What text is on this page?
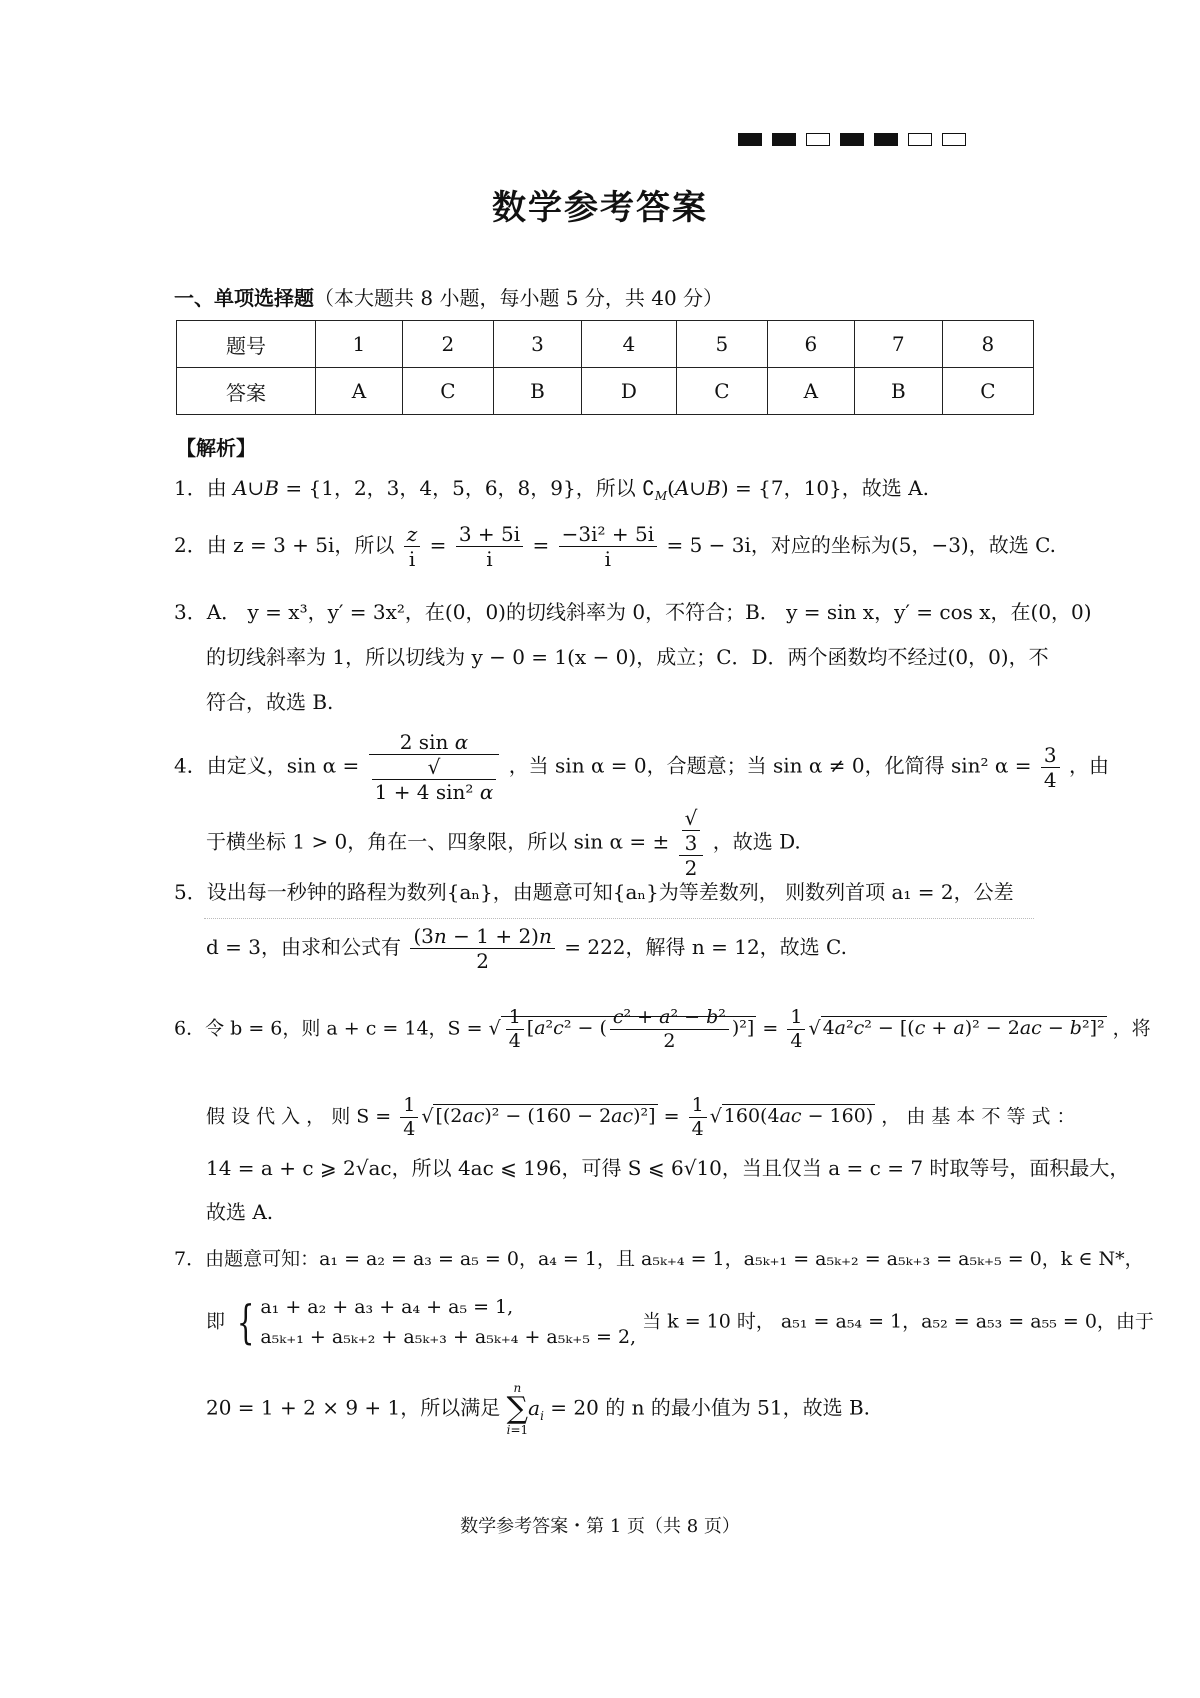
数学参考答案
一、单项选择题（本大题共 8 小题，每小题 5 分，共 40 分）
题号	1	2	3	4	5	6	7	8
答案	A	C	B	D	C	A	B	C
【解析】
1．由 A∪B = {1，2，3，4，5，6，8，9}，所以 $∁_M(A\cup B) = \{7$，10}，故选 A.
2．由 z = 3 + 5i，所以 $\frac{z}{i} = \frac{3 + 5i}{i} = \frac{\text{−3i² + 5i}}{i} = 5 - 3i$，对应的坐标为(5，−3)，故选 C.
3．A． y = x³，y′ = 3x²，在(0，0)的切线斜率为 0，不符合；B． y = sin x，y′ = cos x，在(0，0)
的切线斜率为 1，所以切线为 y − 0 = 1(x − 0)，成立；C．D．两个函数均不经过(0，0)，不
符合，故选 B.
4．由定义，sin α = 2 sin α
√
1 + 4 sin² α ，当 sin α = 0，合题意；当 sin α ≠ 0，化简得 sin² $\alpha = \frac{3}{4}$ ，由
于横坐标 1 > 0，角在一、四象限，所以 sin α = ± √
3
2 ，故选 D.
5．设出每一秒钟的路程为数列{aₙ}，由题意可知{aₙ}为等差数列， 则数列首项 a₁ = 2，公差
d = 3，由求和公式有 $\frac{(3n - 1 + 2)n}{2} = 222$，解得 n = 12，故选 C.
6．令 b = 6，则 a + c = 14，S = √ $\frac{1}{4} [a^2c^2$ − ( $\frac{\text{c² + a² − b²}}{2} )^2] = \frac{1}{4}$ √ 4a²c² − [(c + a)² − 2ac − b²]² ，将
假 设 代 入 ， 则 $S = \frac{1}{4}$ √ $[(2ac)^2 - (160 - 2ac)^2] = \frac{1}{4}$ √ 160(4ac − 160) ， 由 基 本 不 等 式 ：
14 = a + c ⩾ 2√ac，所以 4ac ⩽ 196，可得 S ⩽ 6√10，当且仅当 a = c = 7 时取等号，面积最大，
故选 A.
7．由题意可知：a₁ = a₂ = a₃ = a₅ = 0，a₄ = 1，且 a₅ₖ₊₄ = 1，a₅ₖ₊₁ = a₅ₖ₊₂ = a₅ₖ₊₃ = a₅ₖ₊₅ = 0，k ∈ N*，
即 { a₁ + a₂ + a₃ + a₄ + a₅ = 1,
a₅ₖ₊₁ + a₅ₖ₊₂ + a₅ₖ₊₃ + a₅ₖ₊₄ + a₅ₖ₊₅ = 2,
当 k = 10 时， a₅₁ = a₅₄ = 1，a₅₂ = a₅₃ = a₅₅ = 0，由于
20 = 1 + 2 × 9 + 1，所以满足 n
∑
$i=1a_i = 20$ 的 n 的最小值为 51，故选 B.
数学参考答案・第 1 页（共 8 页）
